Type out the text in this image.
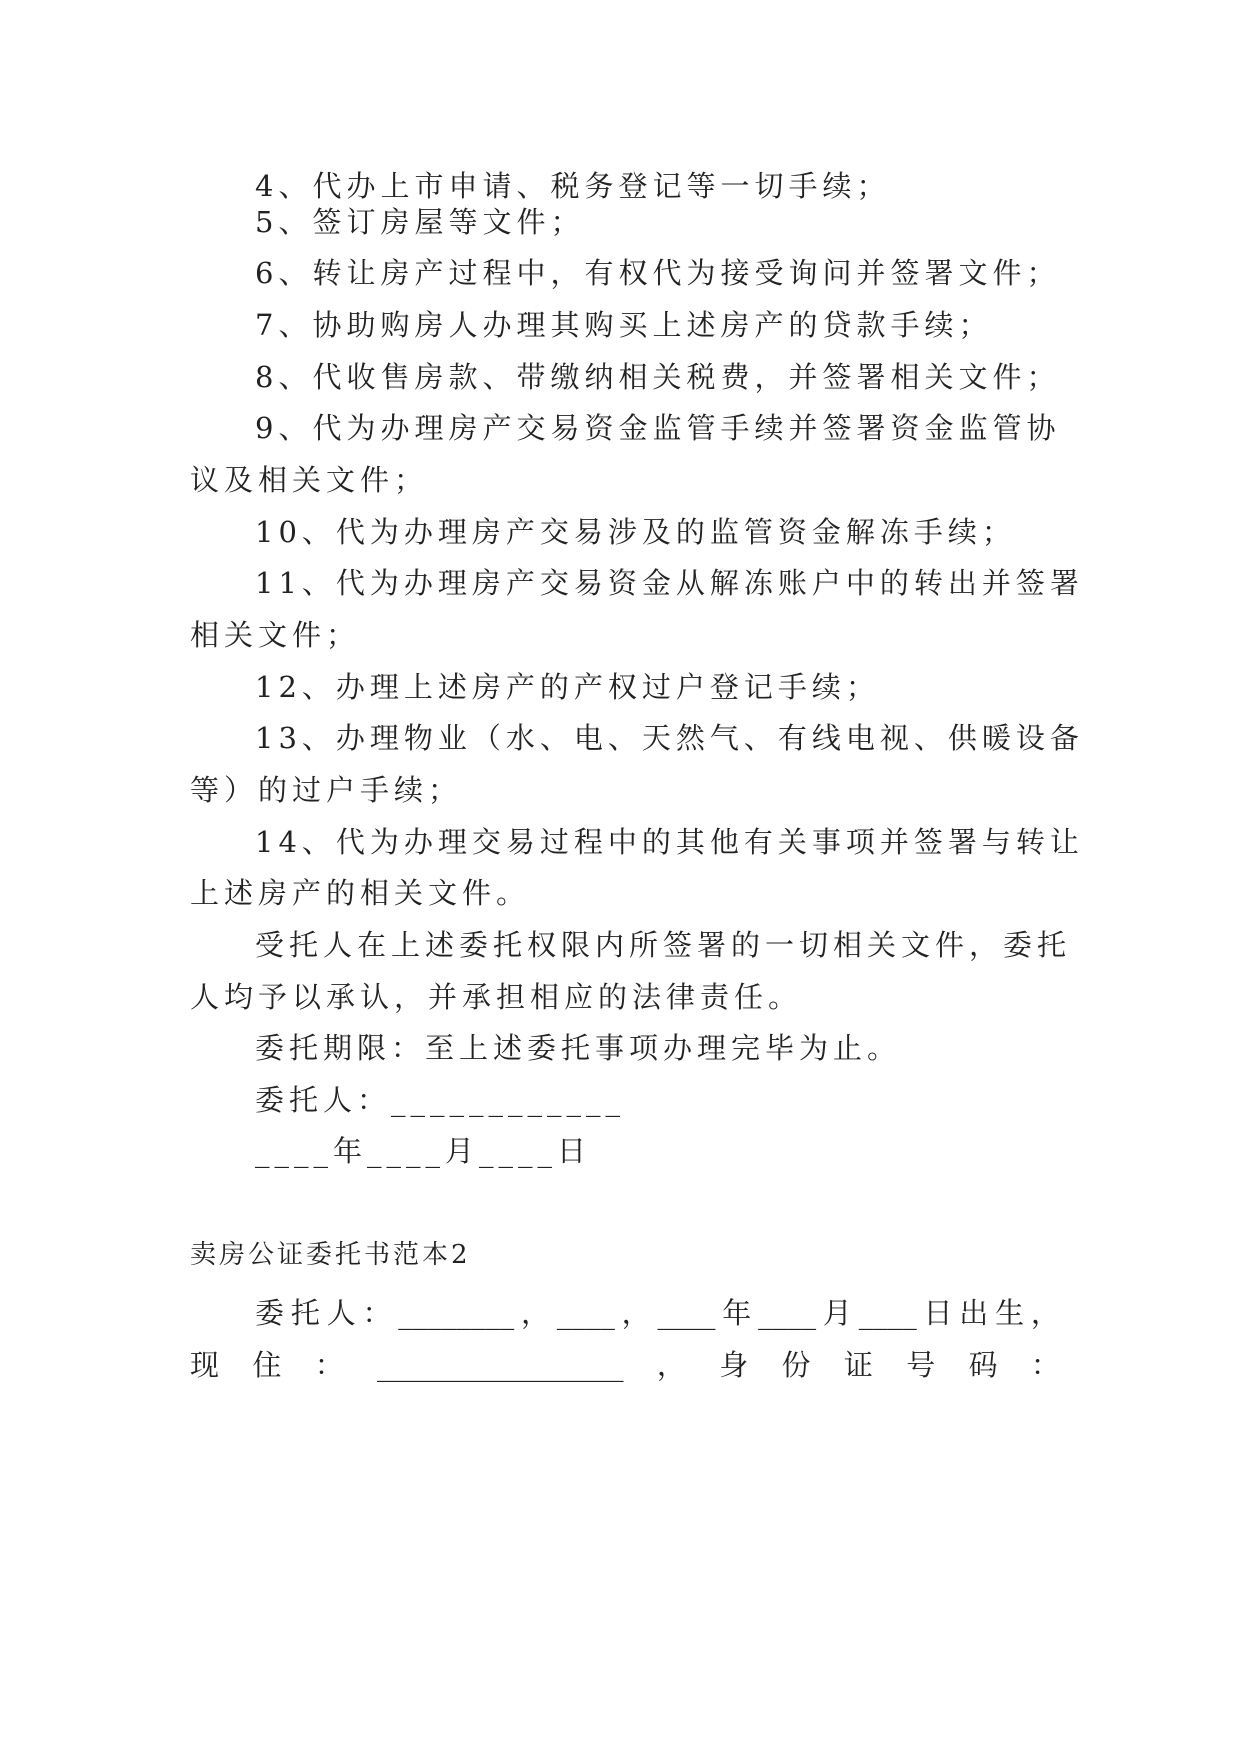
4、代办上市申请、税务登记等一切手续；
5、签订房屋等文件；
6、转让房产过程中，有权代为接受询问并签署文件；
7、协助购房人办理其购买上述房产的贷款手续；
8、代收售房款、带缴纳相关税费，并签署相关文件；
9、代为办理房产交易资金监管手续并签署资金监管协
议及相关文件；
10、代为办理房产交易涉及的监管资金解冻手续；
11、代为办理房产交易资金从解冻账户中的转出并签署
相关文件；
12、办理上述房产的产权过户登记手续；
13、办理物业（水、电、天然气、有线电视、供暖设备
等）的过户手续；
14、代为办理交易过程中的其他有关事项并签署与转让
上述房产的相关文件。
受托人在上述委托权限内所签署的一切相关文件，委托
人均予以承认，并承担相应的法律责任。
委托期限：至上述委托事项办理完毕为止。
委托人：____________
____年____月____日
卖房公证委托书范本2
委 托 人 ： ________ ， ____ ， ____ 年 ____ 月 ____ 日 出 生 ，
现 住 ： _________________ ， 身 份 证 号 码 ：
